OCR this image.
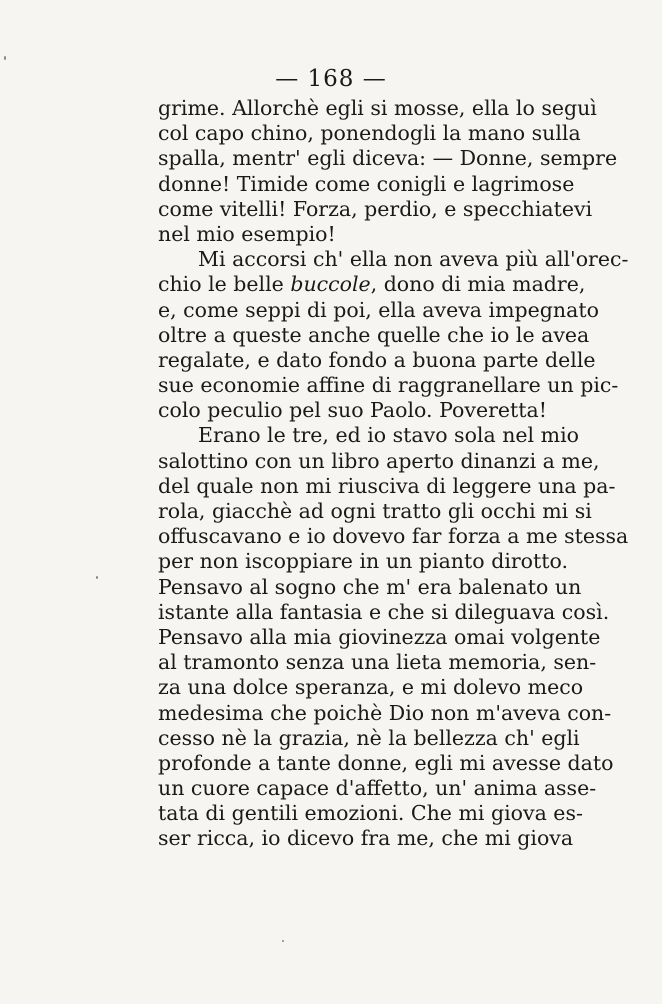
— 168 —
grime. Allorchè egli si mosse, ella lo seguì
col capo chino, ponendogli la mano sulla
spalla, mentr' egli diceva: — Donne, sempre
donne! Timide come conigli e lagrimose
come vitelli! Forza, perdio, e specchiatevi
nel mio esempio!
Mi accorsi ch' ella non aveva più all'orec-
chio le belle buccole, dono di mia madre,
e, come seppi di poi, ella aveva impegnato
oltre a queste anche quelle che io le avea
regalate, e dato fondo a buona parte delle
sue economie affine di raggranellare un pic-
colo peculio pel suo Paolo. Poveretta!
Erano le tre, ed io stavo sola nel mio
salottino con un libro aperto dinanzi a me,
del quale non mi riusciva di leggere una pa-
rola, giacchè ad ogni tratto gli occhi mi si
offuscavano e io dovevo far forza a me stessa
per non iscoppiare in un pianto dirotto.
Pensavo al sogno che m' era balenato un
istante alla fantasia e che si dileguava così.
Pensavo alla mia giovinezza omai volgente
al tramonto senza una lieta memoria, sen-
za una dolce speranza, e mi dolevo meco
medesima che poichè Dio non m'aveva con-
cesso nè la grazia, nè la bellezza ch' egli
profonde a tante donne, egli mi avesse dato
un cuore capace d'affetto, un' anima asse-
tata di gentili emozioni. Che mi giova es-
ser ricca, io dicevo fra me, che mi giova
